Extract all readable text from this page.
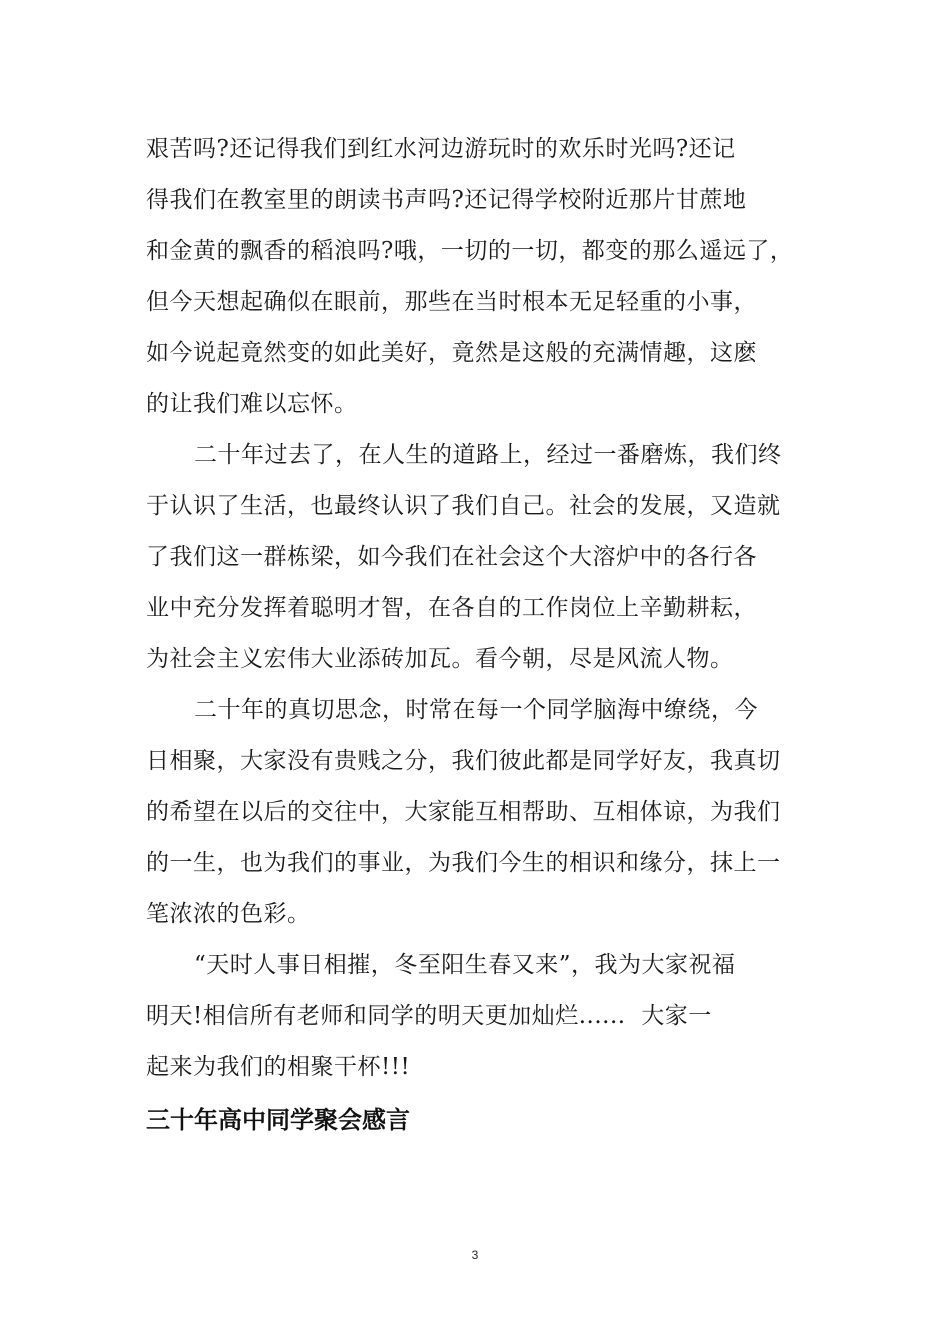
艰苦吗?还记得我们到红水河边游玩时的欢乐时光吗?还记
得我们在教室里的朗读书声吗?还记得学校附近那片甘蔗地
和金黄的飘香的稻浪吗?哦，一切的一切，都变的那么遥远了，
但今天想起确似在眼前，那些在当时根本无足轻重的小事，
如今说起竟然变的如此美好，竟然是这般的充满情趣，这麽
的让我们难以忘怀。
二十年过去了，在人生的道路上，经过一番磨炼，我们终
于认识了生活，也最终认识了我们自己。社会的发展，又造就
了我们这一群栋梁，如今我们在社会这个大溶炉中的各行各
业中充分发挥着聪明才智，在各自的工作岗位上辛勤耕耘，
为社会主义宏伟大业添砖加瓦。看今朝，尽是风流人物。
二十年的真切思念，时常在每一个同学脑海中缭绕，今
日相聚，大家没有贵贱之分，我们彼此都是同学好友，我真切
的希望在以后的交往中，大家能互相帮助、互相体谅，为我们
的一生，也为我们的事业，为我们今生的相识和缘分，抹上一
笔浓浓的色彩。
“天时人事日相摧，冬至阳生春又来”，我为大家祝福
明天!相信所有老师和同学的明天更加灿烂......  大家一
起来为我们的相聚干杯!!!
三十年高中同学聚会感言
3
